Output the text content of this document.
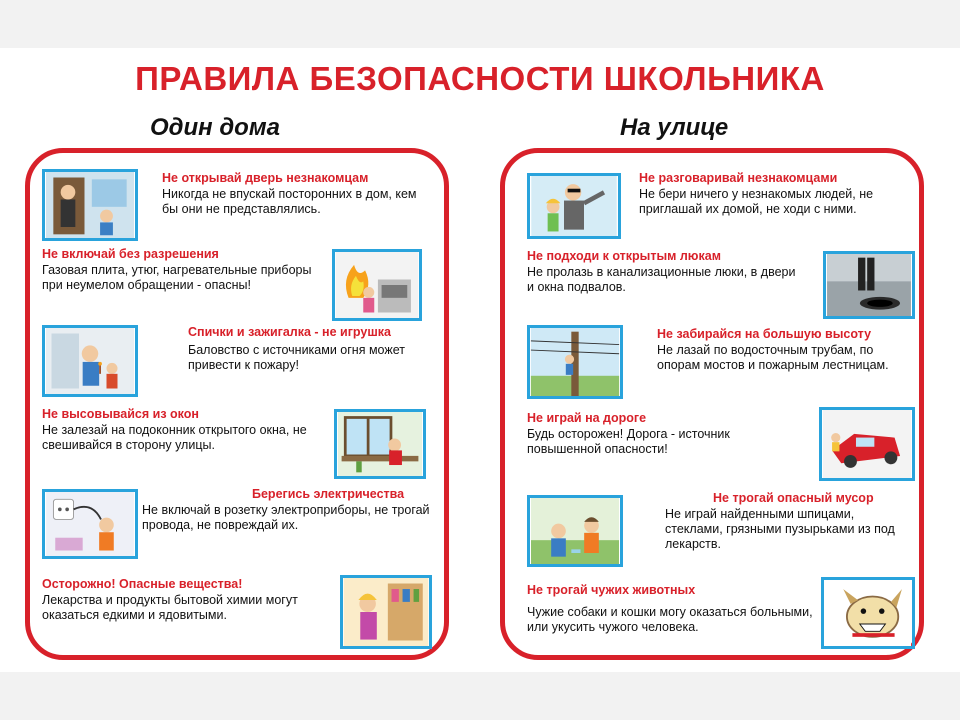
ПРАВИЛА БЕЗОПАСНОСТИ ШКОЛЬНИКА
Один дома	На улице
Не открывай дверь незнакомцам
Никогда не впускай посторонних в дом, кем бы они не представлялись.
Не включай без разрешения
Газовая плита, утюг, нагревательные приборы при неумелом обращении - опасны!
Спички и зажигалка - не игрушка
Баловство с источниками огня может привести к пожару!
Не высовывайся из окон
Не залезай на подоконник открытого окна, не свешивайся в сторону улицы.
Берегись электричества
Не включай в розетку электроприборы, не трогай провода, не повреждай их.
Осторожно! Опасные вещества!
Лекарства и продукты бытовой химии могут оказаться едкими и ядовитыми.
Не разговаривай незнакомцами
Не бери ничего у незнакомых людей, не приглашай их домой, не ходи с ними.
Не подходи к открытым люкам
Не пролазь в канализационные люки, в двери и окна подвалов.
Не забирайся на большую высоту
Не лазай по водосточным трубам, по опорам мостов и пожарным лестницам.
Не играй на дороге
Будь осторожен! Дорога - источник повышенной опасности!
Не трогай опасный мусор
Не играй найденными шпицами, стеклами, грязными пузырьками из под лекарств.
Не трогай чужих животных
Чужие собаки и кошки могу оказаться больными, или укусить чужого человека.
